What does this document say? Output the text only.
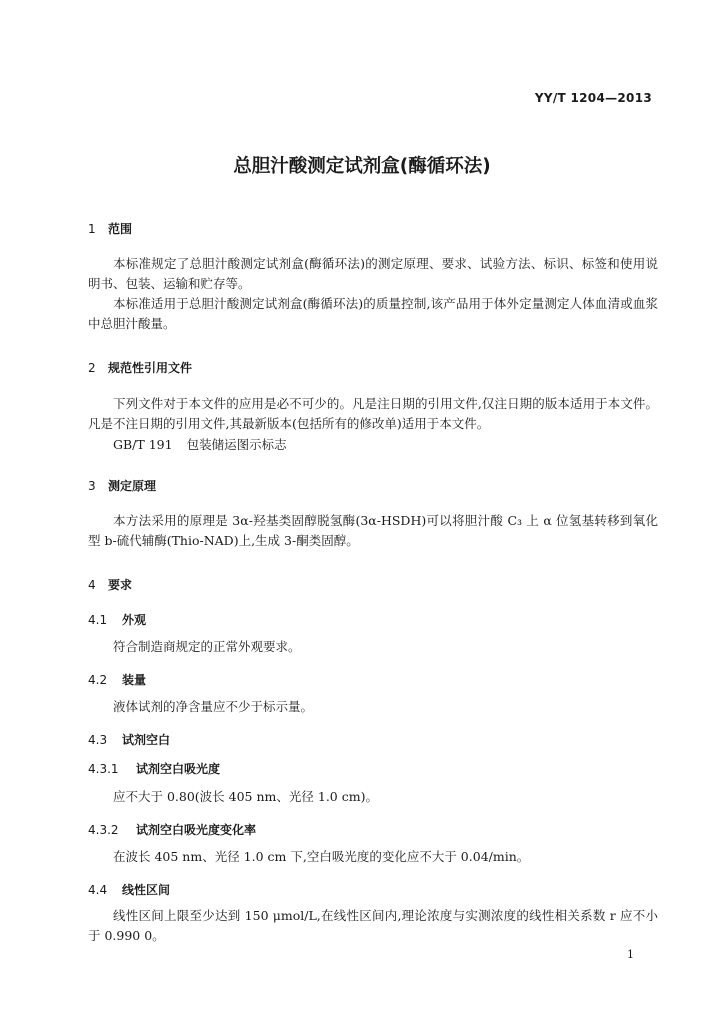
YY/T 1204—2013
总胆汁酸测定试剂盒(酶循环法)
1 范围
本标准规定了总胆汁酸测定试剂盒(酶循环法)的测定原理、要求、试验方法、标识、标签和使用说明书、包装、运输和贮存等。
本标准适用于总胆汁酸测定试剂盒(酶循环法)的质量控制,该产品用于体外定量测定人体血清或血浆中总胆汁酸量。
2 规范性引用文件
下列文件对于本文件的应用是必不可少的。凡是注日期的引用文件,仅注日期的版本适用于本文件。凡是不注日期的引用文件,其最新版本(包括所有的修改单)适用于本文件。
GB/T 191 包装储运图示标志
3 测定原理
本方法采用的原理是 3α-羟基类固醇脱氢酶(3α-HSDH)可以将胆汁酸 C₃ 上 α 位氢基转移到氧化型 b-硫代辅酶(Thio-NAD)上,生成 3-酮类固醇。
4 要求
4.1 外观
符合制造商规定的正常外观要求。
4.2 装量
液体试剂的净含量应不少于标示量。
4.3 试剂空白
4.3.1 试剂空白吸光度
应不大于 0.80(波长 405 nm、光径 1.0 cm)。
4.3.2 试剂空白吸光度变化率
在波长 405 nm、光径 1.0 cm 下,空白吸光度的变化应不大于 0.04/min。
4.4 线性区间
线性区间上限至少达到 150 μmol/L,在线性区间内,理论浓度与实测浓度的线性相关系数 r 应不小于 0.990 0。
1
